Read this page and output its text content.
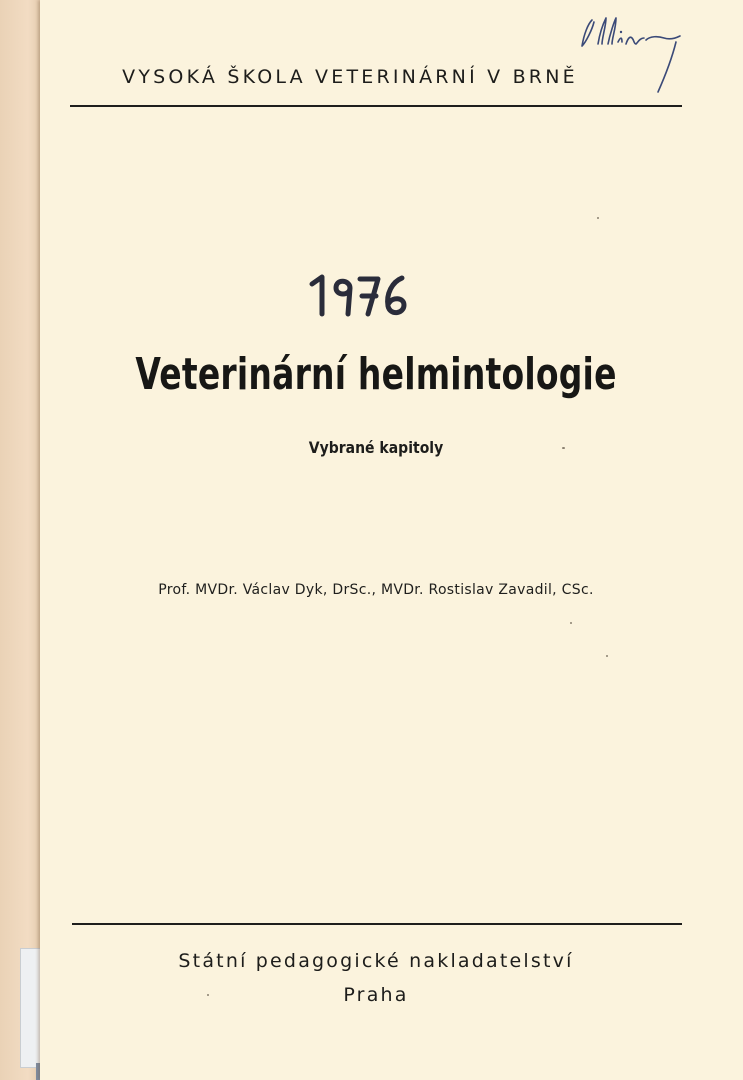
VYSOKÁ ŠKOLA VETERINÁRNÍ V BRNĚ
Veterinární helmintologie
Vybrané kapitoly
Prof. MVDr. Václav Dyk, DrSc., MVDr. Rostislav Zavadil, CSc.
Státní pedagogické nakladatelství
Praha
